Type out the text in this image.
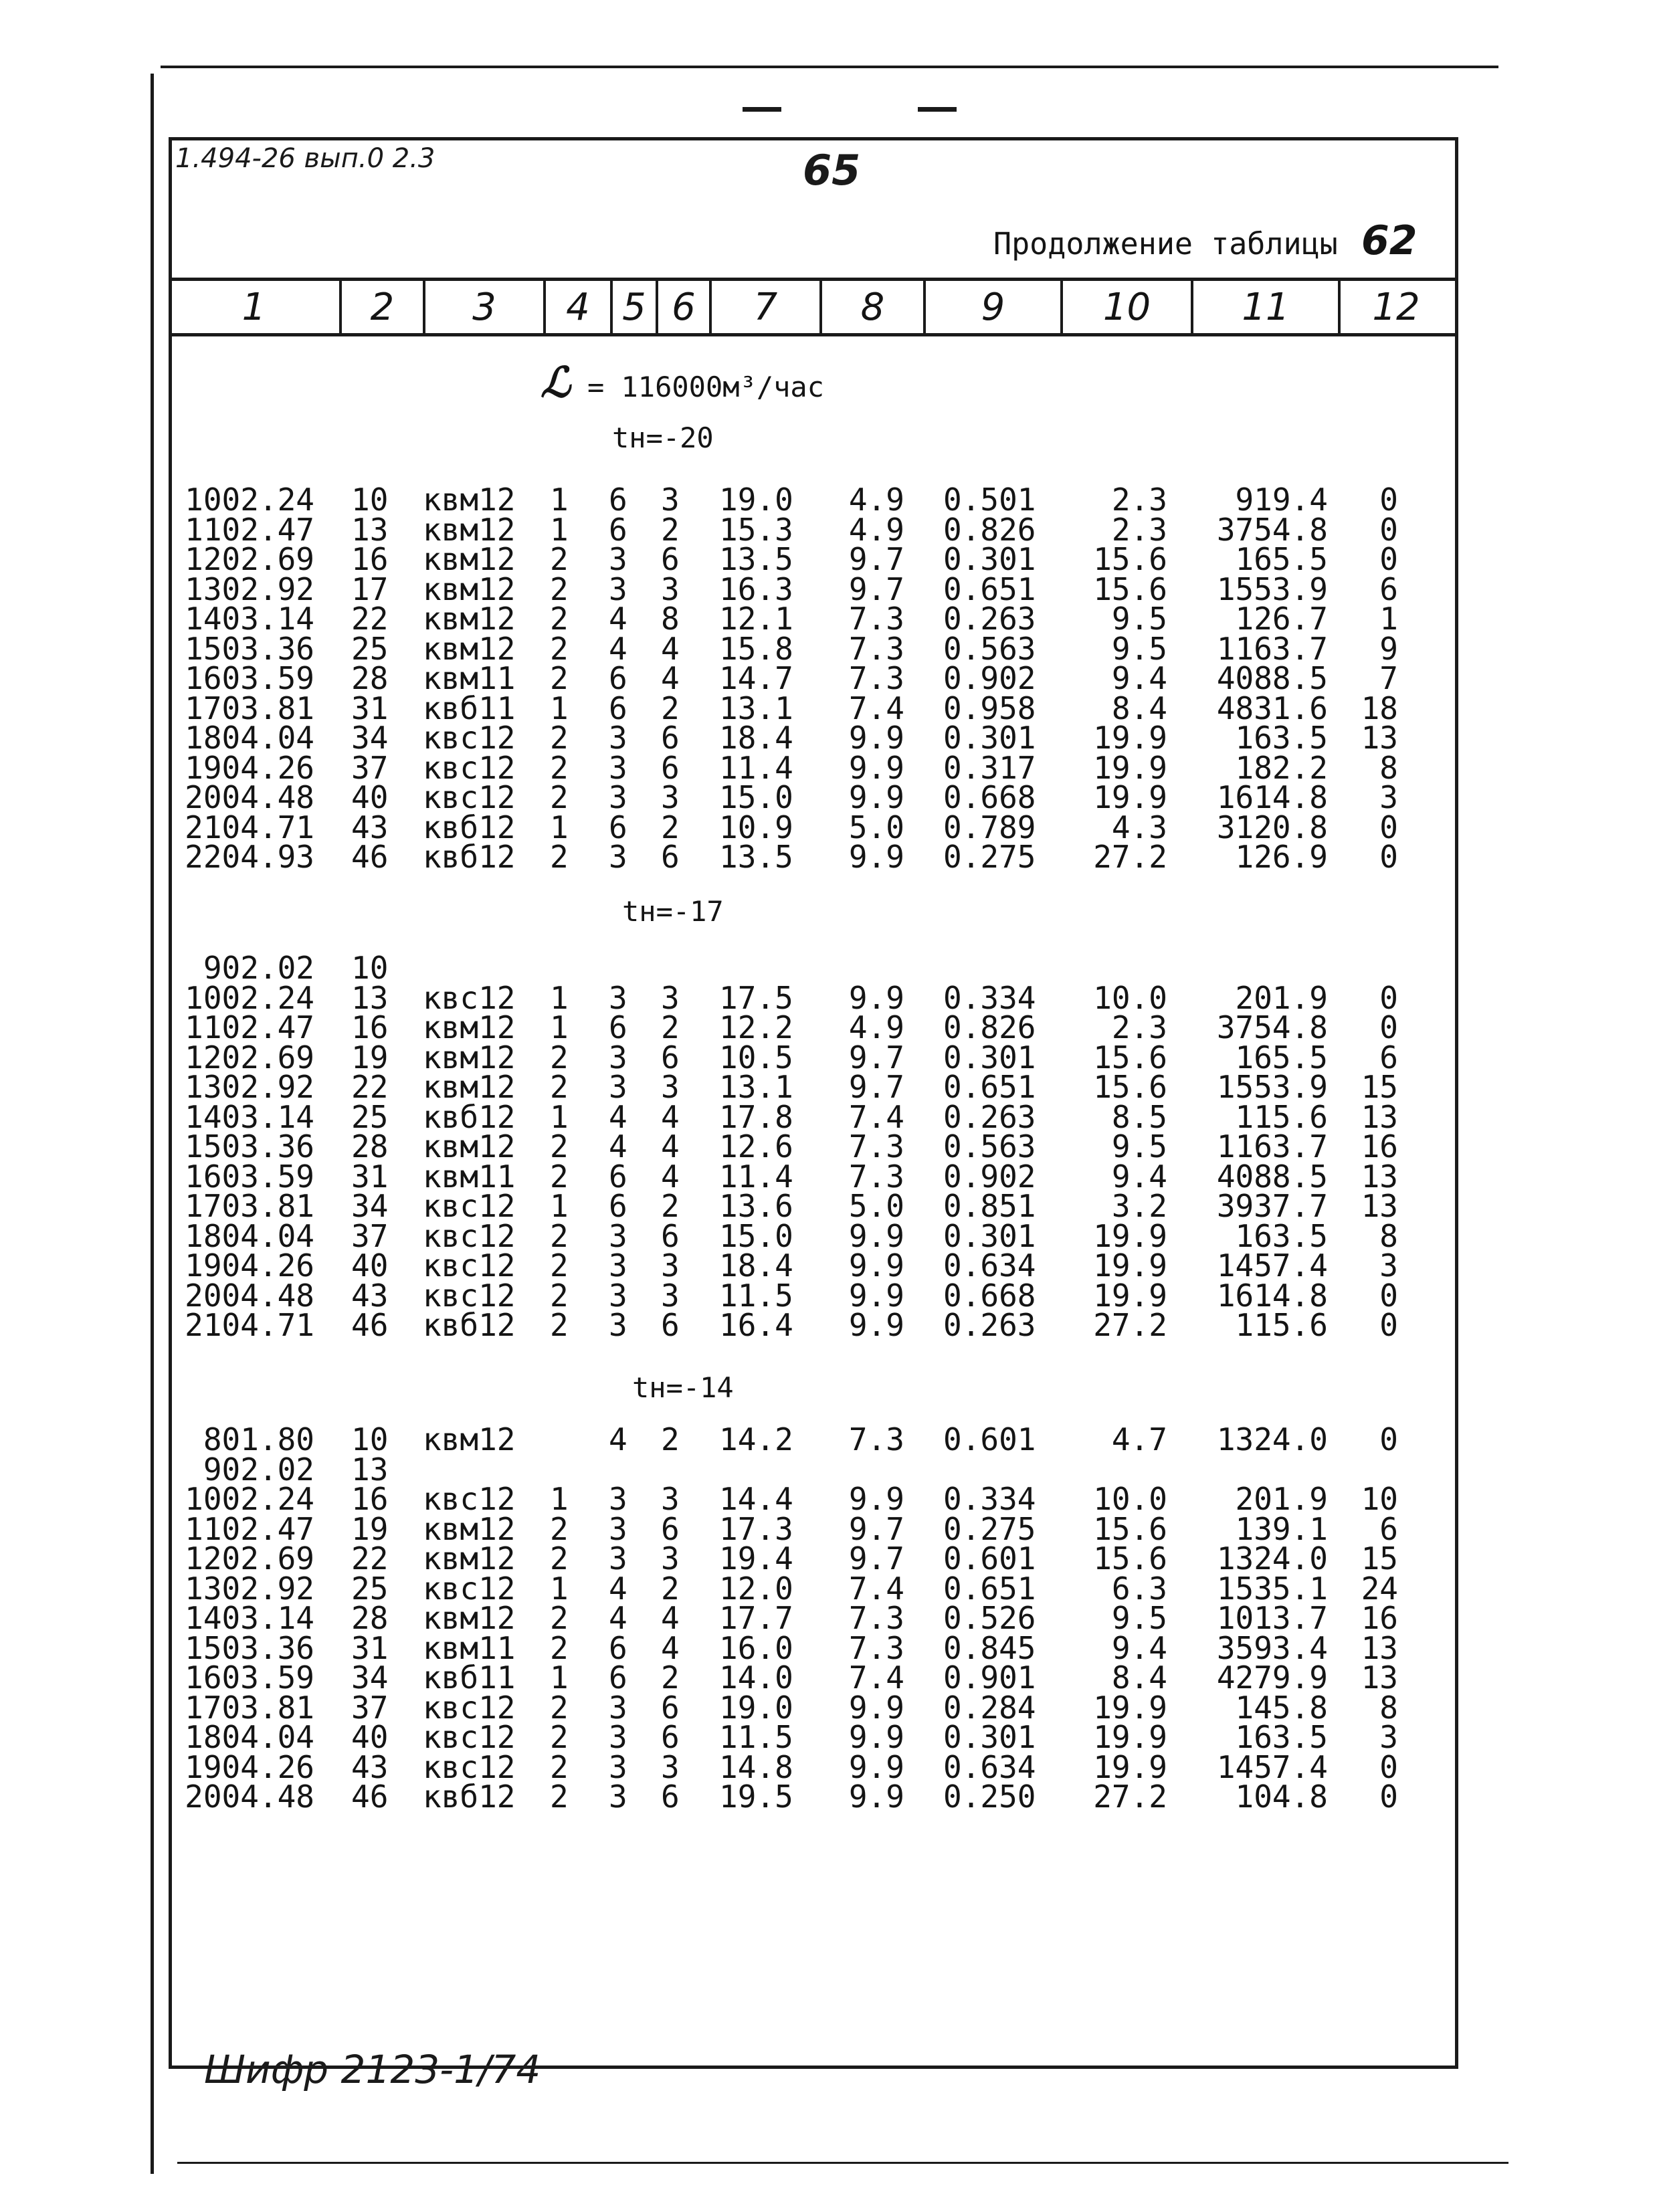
1.494-26 вып.0 2.3	65
Продолжение таблицы 62
1	2	3	4 5 6	7	8	9	10	11	12
ℒ = 116000м³/час
tн=-20
1002.24 10 квм12 1 6 3 19.0 4.9 0.501 2.3 919.4 0
1102.47 13 квм12 1 6 2 15.3 4.9 0.826 2.3 3754.8 0
1202.69 16 квм12 2 3 6 13.5 9.7 0.301 15.6 165.5 0
1302.92 17 квм12 2 3 3 16.3 9.7 0.651 15.6 1553.9 6
1403.14 22 квм12 2 4 8 12.1 7.3 0.263 9.5 126.7 1
1503.36 25 квм12 2 4 4 15.8 7.3 0.563 9.5 1163.7 9
1603.59 28 квм11 2 6 4 14.7 7.3 0.902 9.4 4088.5 7
1703.81 31 квб11 1 6 2 13.1 7.4 0.958 8.4 4831.6 18
1804.04 34 квс12 2 3 6 18.4 9.9 0.301 19.9 163.5 13
1904.26 37 квс12 2 3 6 11.4 9.9 0.317 19.9 182.2 8
2004.48 40 квс12 2 3 3 15.0 9.9 0.668 19.9 1614.8 3
2104.71 43 квб12 1 6 2 10.9 5.0 0.789 4.3 3120.8 0
2204.93 46 квб12 2 3 6 13.5 9.9 0.275 27.2 126.9 0
tн=-17
902.02 10
1002.24 13 квс12 1 3 3 17.5 9.9 0.334 10.0 201.9 0
1102.47 16 квм12 1 6 2 12.2 4.9 0.826 2.3 3754.8 0
1202.69 19 квм12 2 3 6 10.5 9.7 0.301 15.6 165.5 6
1302.92 22 квм12 2 3 3 13.1 9.7 0.651 15.6 1553.9 15
1403.14 25 квб12 1 4 4 17.8 7.4 0.263 8.5 115.6 13
1503.36 28 квм12 2 4 4 12.6 7.3 0.563 9.5 1163.7 16
1603.59 31 квм11 2 6 4 11.4 7.3 0.902 9.4 4088.5 13
1703.81 34 квс12 1 6 2 13.6 5.0 0.851 3.2 3937.7 13
1804.04 37 квс12 2 3 6 15.0 9.9 0.301 19.9 163.5 8
1904.26 40 квс12 2 3 3 18.4 9.9 0.634 19.9 1457.4 3
2004.48 43 квс12 2 3 3 11.5 9.9 0.668 19.9 1614.8 0
2104.71 46 квб12 2 3 6 16.4 9.9 0.263 27.2 115.6 0
tн=-14
801.80 10 квм12	4 2 14.2 7.3 0.601 4.7 1324.0 0
902.02 13
1002.24 16 квс12 1 3 3 14.4 9.9 0.334 10.0 201.9 10
1102.47 19 квм12 2 3 6 17.3 9.7 0.275 15.6 139.1 6
1202.69 22 квм12 2 3 3 19.4 9.7 0.601 15.6 1324.0 15
1302.92 25 квс12 1 4 2 12.0 7.4 0.651 6.3 1535.1 24
1403.14 28 квм12 2 4 4 17.7 7.3 0.526 9.5 1013.7 16
1503.36 31 квм11 2 6 4 16.0 7.3 0.845 9.4 3593.4 13
1603.59 34 квб11 1 6 2 14.0 7.4 0.901 8.4 4279.9 13
1703.81 37 квс12 2 3 6 19.0 9.9 0.284 19.9 145.8 8
1804.04 40 квс12 2 3 6 11.5 9.9 0.301 19.9 163.5 3
1904.26 43 квс12 2 3 3 14.8 9.9 0.634 19.9 1457.4 0
2004.48 46 квб12 2 3 6 19.5 9.9 0.250 27.2 104.8 0
Шифр 2123-1/74
